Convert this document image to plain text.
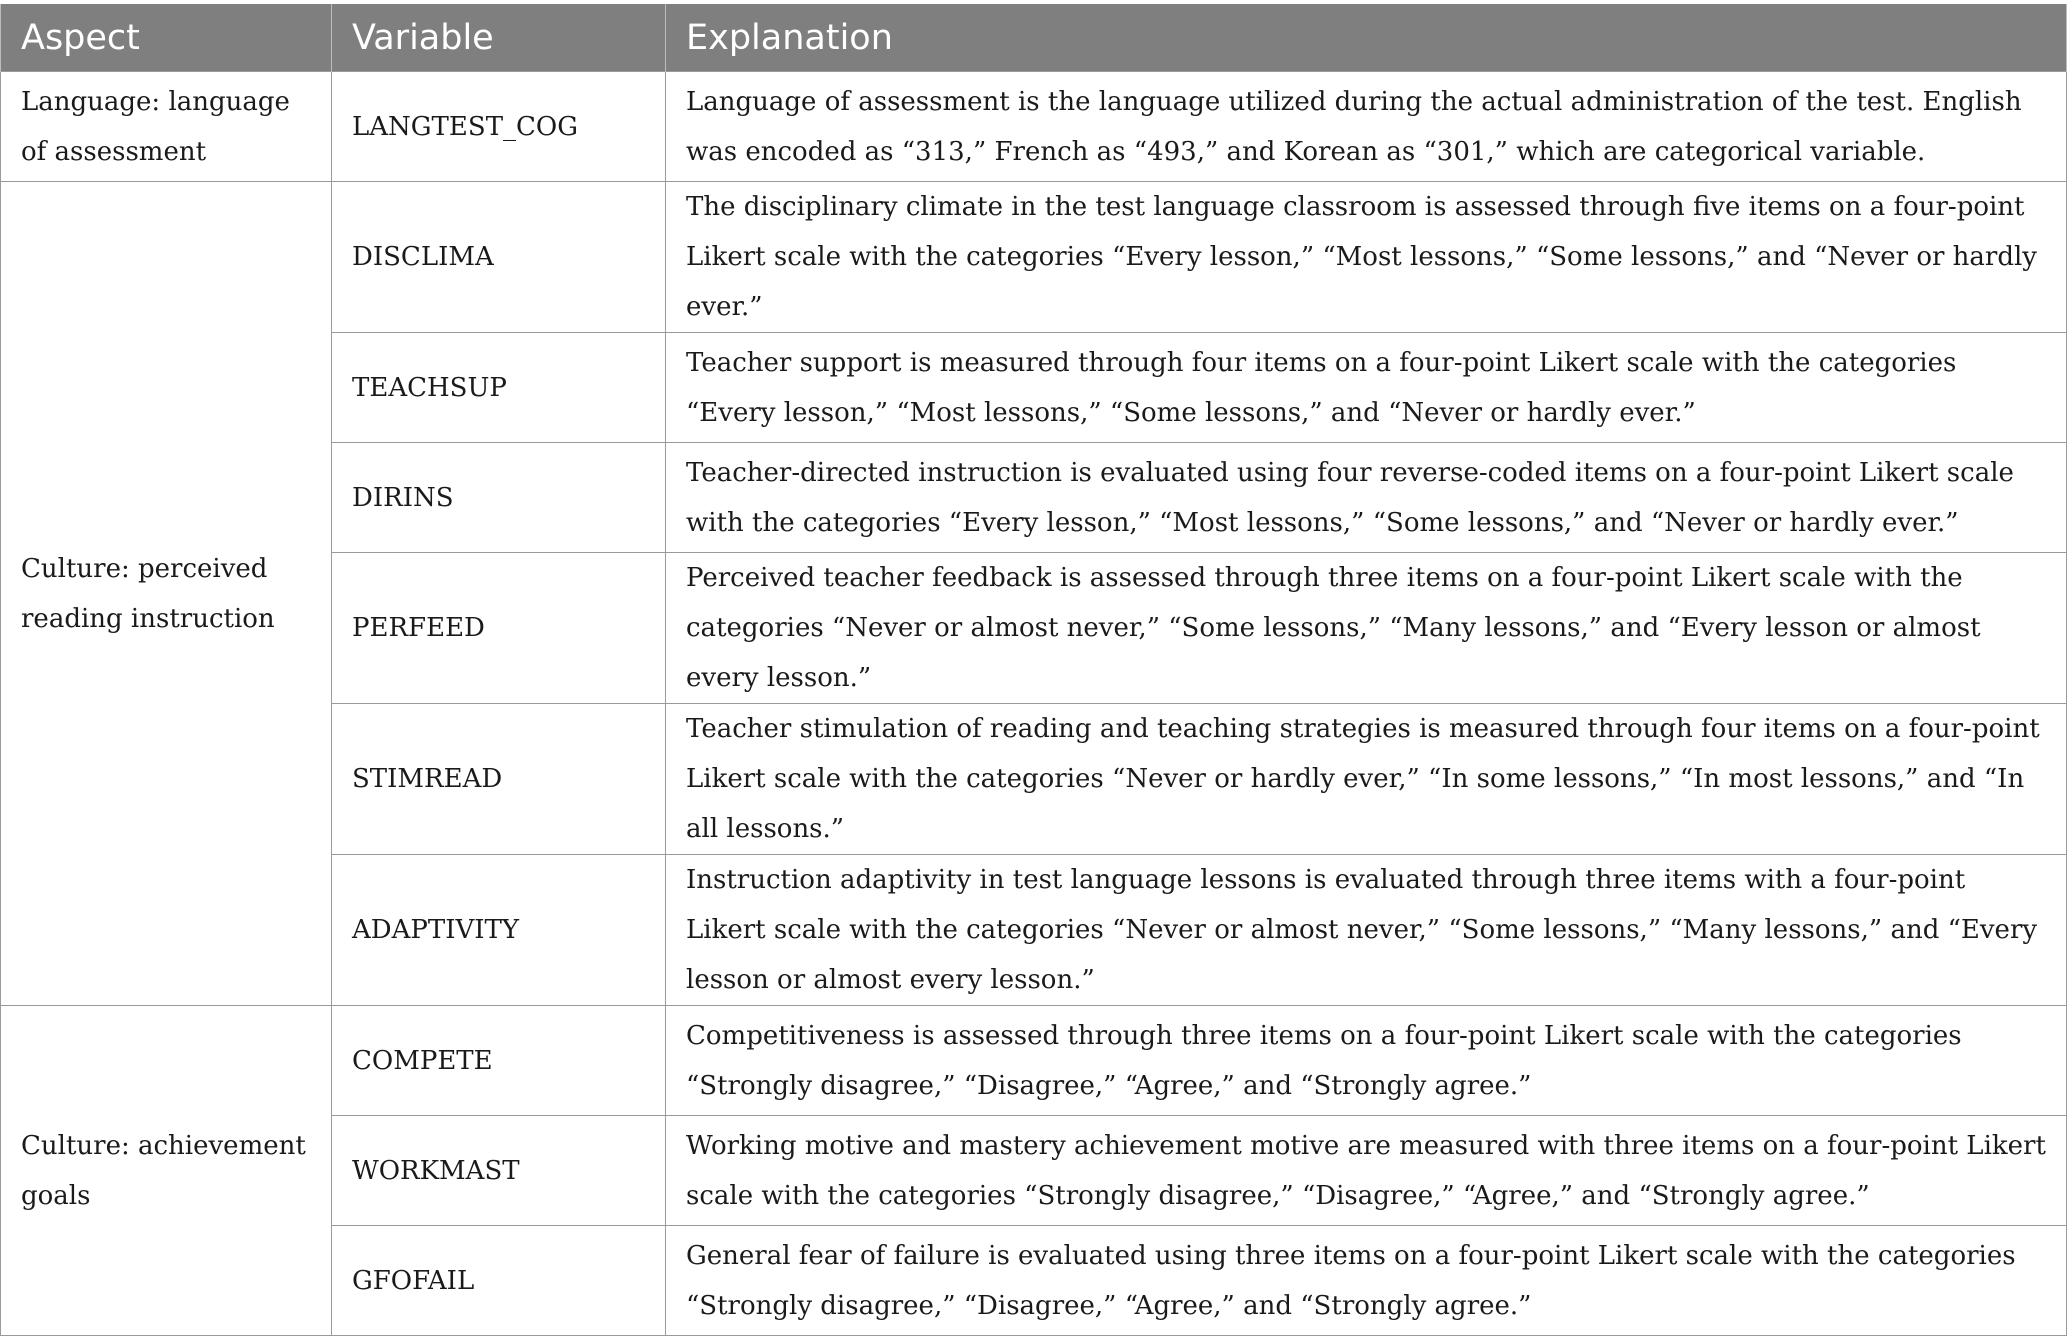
Aspect	Variable	Explanation
Language: language of assessment	LANGTEST_COG	Language of assessment is the language utilized during the actual administration of the test. English was encoded as “313,” French as “493,” and Korean as “301,” which are categorical variable.
Culture: perceived reading instruction	DISCLIMA	The disciplinary climate in the test language classroom is assessed through five items on a four-point Likert scale with the categories “Every lesson,” “Most lessons,” “Some lessons,” and “Never or hardly ever.”
	TEACHSUP	Teacher support is measured through four items on a four-point Likert scale with the categories “Every lesson,” “Most lessons,” “Some lessons,” and “Never or hardly ever.”
	DIRINS	Teacher-directed instruction is evaluated using four reverse-coded items on a four-point Likert scale with the categories “Every lesson,” “Most lessons,” “Some lessons,” and “Never or hardly ever.”
	PERFEED	Perceived teacher feedback is assessed through three items on a four-point Likert scale with the categories “Never or almost never,” “Some lessons,” “Many lessons,” and “Every lesson or almost every lesson.”
	STIMREAD	Teacher stimulation of reading and teaching strategies is measured through four items on a four-point Likert scale with the categories “Never or hardly ever,” “In some lessons,” “In most lessons,” and “In all lessons.”
	ADAPTIVITY	Instruction adaptivity in test language lessons is evaluated through three items with a four-point Likert scale with the categories “Never or almost never,” “Some lessons,” “Many lessons,” and “Every lesson or almost every lesson.”
Culture: achievement goals	COMPETE	Competitiveness is assessed through three items on a four-point Likert scale with the categories “Strongly disagree,” “Disagree,” “Agree,” and “Strongly agree.”
	WORKMAST	Working motive and mastery achievement motive are measured with three items on a four-point Likert scale with the categories “Strongly disagree,” “Disagree,” “Agree,” and “Strongly agree.”
	GFOFAIL	General fear of failure is evaluated using three items on a four-point Likert scale with the categories “Strongly disagree,” “Disagree,” “Agree,” and “Strongly agree.”
